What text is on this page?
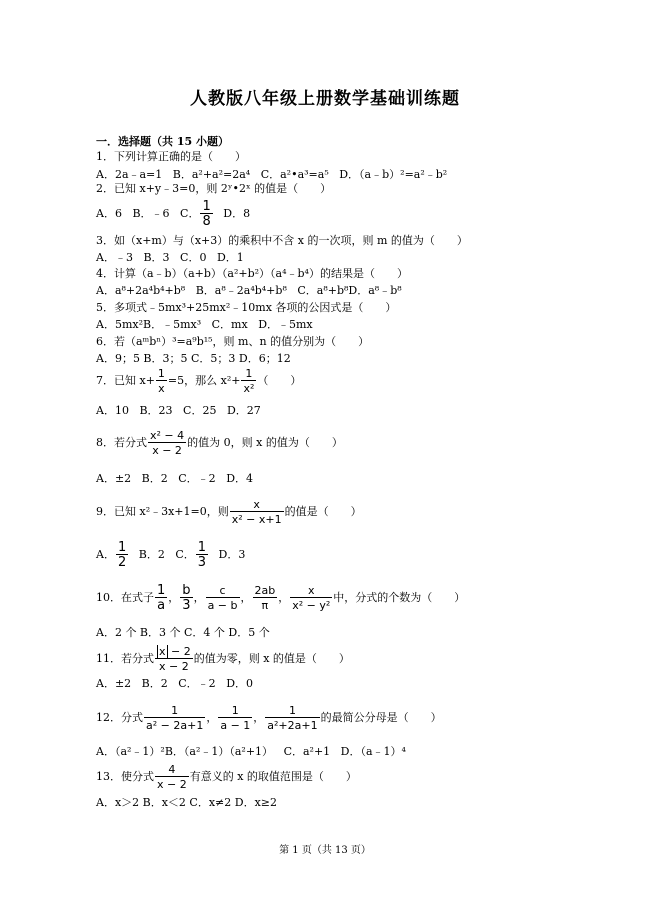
人教版八年级上册数学基础训练题
一．选择题（共 15 小题）
1．下列计算正确的是（　　）
A．2a﹣a=1 B．a²+a²=2a⁴ C．a²•a³=a⁵ D．（a﹣b）²=a²﹣b²
2．已知 x+y﹣3=0，则 2ʸ•2ˣ 的值是（　　）
A．6 B．﹣6 C． $\frac{1}{8}$ D．8
3．如（x+m）与（x+3）的乘积中不含 x 的一次项，则 m 的值为（　　）
A．﹣3 B．3 C．0 D．1
4．计算（a﹣b）（a+b）（a²+b²）（a⁴﹣b⁴）的结果是（　　）
A．a⁸+2a⁴b⁴+b⁸ B．a⁸﹣2a⁴b⁴+b⁸ C．a⁸+b⁸D．a⁸﹣b⁸
5．多项式﹣5mx³+25mx²﹣10mx 各项的公因式是（　　）
A．5mx²B．﹣5mx³ C．mx D．﹣5mx
6．若（aᵐbⁿ）³=a⁹b¹⁵，则 m、n 的值分别为（　　）
A．9；5 B．3；5 C．5；3 D．6；12
7．已知 $x+ \frac{1}{x} =5$，那么 $x^2+ \frac{1}{\text{x²}}$ （　　）
A．10 B．23 C．25 D．27
8．若分式 $\frac{\text{x² − 4}}{x - 2}$ 的值为 0，则 x 的值为（　　）
A．±2 B．2 C．﹣2 D．4
9．已知 x²﹣3x+1=0，则 $\frac{x}{\text{x² − x+1}}$ 的值是（　　）
A． $\frac{1}{2}$ B．2 C． $\frac{1}{3}$ D．3
10．在式子 $\frac{1}{a}$ ， $\frac{b}{3}$ ， $\frac{c}{a - b}$ ， $\frac{2ab}{\pi}$ ， $\frac{x}{\text{x² − y²}}$ 中，分式的个数为（　　）
A．2 个 B．3 个 C．4 个 D．5 个
11．若分式 $\frac{x - 2}{x - 2}$ 的值为零，则 x 的值是（　　）
A．±2 B．2 C．﹣2 D．0
12．分式 $\frac{1}{\text{a² − 2a+1}}$ ， $\frac{1}{a - 1}$ ， $\frac{1}{\text{a²+2a+1}}$ 的最简公分母是（　　）
A．（a²﹣1）²B．（a²﹣1）（a²+1） C．a²+1 D．（a﹣1）⁴
13．使分式 $\frac{4}{x - 2}$ 有意义的 x 的取值范围是（　　）
A．x＞2 B．x＜2 C．x≠2 D．x≥2
第 1 页（共 13 页）
